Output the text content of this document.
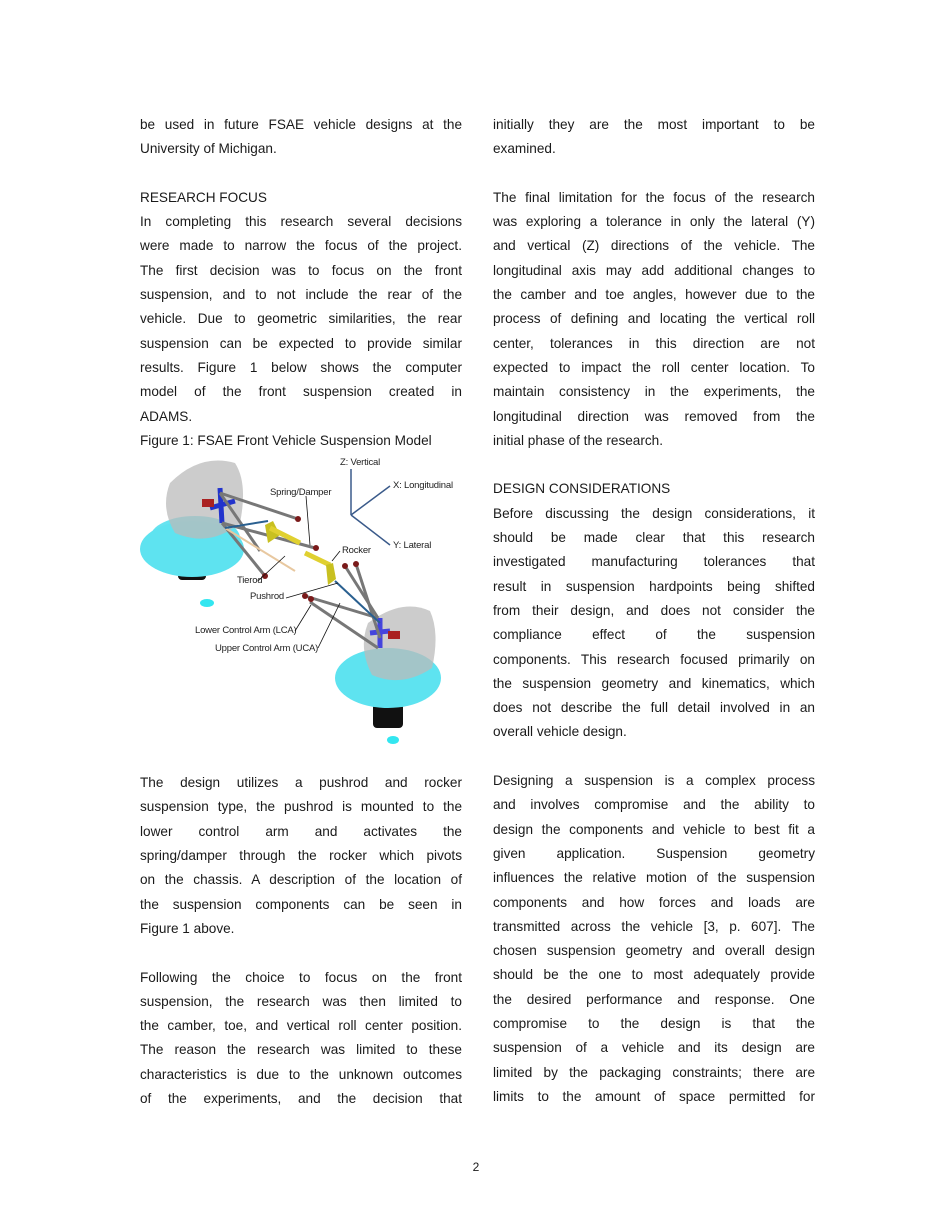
be used in future FSAE vehicle designs at the
University of Michigan.
RESEARCH FOCUS
In completing this research several decisions
were made to narrow the focus of the project.
The first decision was to focus on the front
suspension, and to not include the rear of the
vehicle. Due to geometric similarities, the rear
suspension can be expected to provide similar
results. Figure 1 below shows the computer
model of the front suspension created in
ADAMS.
Figure 1: FSAE Front Vehicle Suspension Model
Z: Vertical
X: Longitudinal
Y: Lateral
Spring/Damper
Rocker
Tierod
Pushrod
Lower Control Arm (LCA)
Upper Control Arm (UCA)
The design utilizes a pushrod and rocker
suspension type, the pushrod is mounted to the
lower control arm and activates the
spring/damper through the rocker which pivots
on the chassis. A description of the location of
the suspension components can be seen in
Figure 1 above.
Following the choice to focus on the front
suspension, the research was then limited to
the camber, toe, and vertical roll center position.
The reason the research was limited to these
characteristics is due to the unknown outcomes
of the experiments, and the decision that
initially they are the most important to be
examined.
The final limitation for the focus of the research
was exploring a tolerance in only the lateral (Y)
and vertical (Z) directions of the vehicle. The
longitudinal axis may add additional changes to
the camber and toe angles, however due to the
process of defining and locating the vertical roll
center, tolerances in this direction are not
expected to impact the roll center location. To
maintain consistency in the experiments, the
longitudinal direction was removed from the
initial phase of the research.
DESIGN CONSIDERATIONS
Before discussing the design considerations, it
should be made clear that this research
investigated manufacturing tolerances that
result in suspension hardpoints being shifted
from their design, and does not consider the
compliance effect of the suspension
components. This research focused primarily on
the suspension geometry and kinematics, which
does not describe the full detail involved in an
overall vehicle design.
Designing a suspension is a complex process
and involves compromise and the ability to
design the components and vehicle to best fit a
given application. Suspension geometry
influences the relative motion of the suspension
components and how forces and loads are
transmitted across the vehicle [3, p. 607]. The
chosen suspension geometry and overall design
should be the one to most adequately provide
the desired performance and response. One
compromise to the design is that the
suspension of a vehicle and its design are
limited by the packaging constraints; there are
limits to the amount of space permitted for
2
